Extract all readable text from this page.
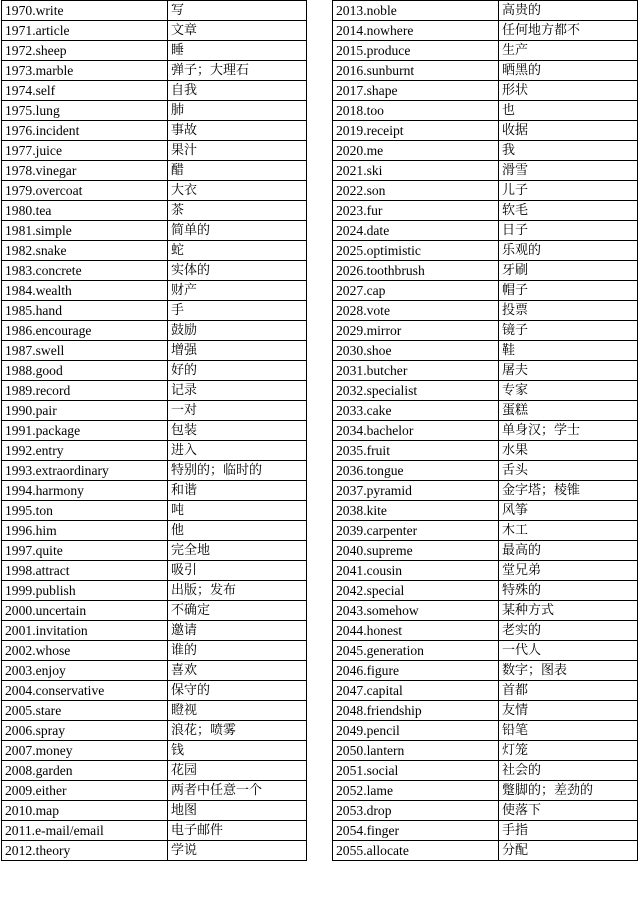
1970.write	写
1971.article	文章
1972.sheep	睡
1973.marble	弹子；大理石
1974.self	自我
1975.lung	肺
1976.incident	事故
1977.juice	果汁
1978.vinegar	醋
1979.overcoat	大衣
1980.tea	茶
1981.simple	简单的
1982.snake	蛇
1983.concrete	实体的
1984.wealth	财产
1985.hand	手
1986.encourage	鼓励
1987.swell	增强
1988.good	好的
1989.record	记录
1990.pair	一对
1991.package	包装
1992.entry	进入
1993.extraordinary	特别的；临时的
1994.harmony	和谐
1995.ton	吨
1996.him	他
1997.quite	完全地
1998.attract	吸引
1999.publish	出版；发布
2000.uncertain	不确定
2001.invitation	邀请
2002.whose	谁的
2003.enjoy	喜欢
2004.conservative	保守的
2005.stare	瞪视
2006.spray	浪花；喷雾
2007.money	钱
2008.garden	花园
2009.either	两者中任意一个
2010.map	地图
2011.e-mail/email	电子邮件
2012.theory	学说
2013.noble	高贵的
2014.nowhere	任何地方都不
2015.produce	生产
2016.sunburnt	晒黑的
2017.shape	形状
2018.too	也
2019.receipt	收据
2020.me	我
2021.ski	滑雪
2022.son	儿子
2023.fur	软毛
2024.date	日子
2025.optimistic	乐观的
2026.toothbrush	牙刷
2027.cap	帽子
2028.vote	投票
2029.mirror	镜子
2030.shoe	鞋
2031.butcher	屠夫
2032.specialist	专家
2033.cake	蛋糕
2034.bachelor	单身汉；学士
2035.fruit	水果
2036.tongue	舌头
2037.pyramid	金字塔；棱锥
2038.kite	风筝
2039.carpenter	木工
2040.supreme	最高的
2041.cousin	堂兄弟
2042.special	特殊的
2043.somehow	某种方式
2044.honest	老实的
2045.generation	一代人
2046.figure	数字；图表
2047.capital	首都
2048.friendship	友情
2049.pencil	铅笔
2050.lantern	灯笼
2051.social	社会的
2052.lame	蹩脚的；差劲的
2053.drop	使落下
2054.finger	手指
2055.allocate	分配
